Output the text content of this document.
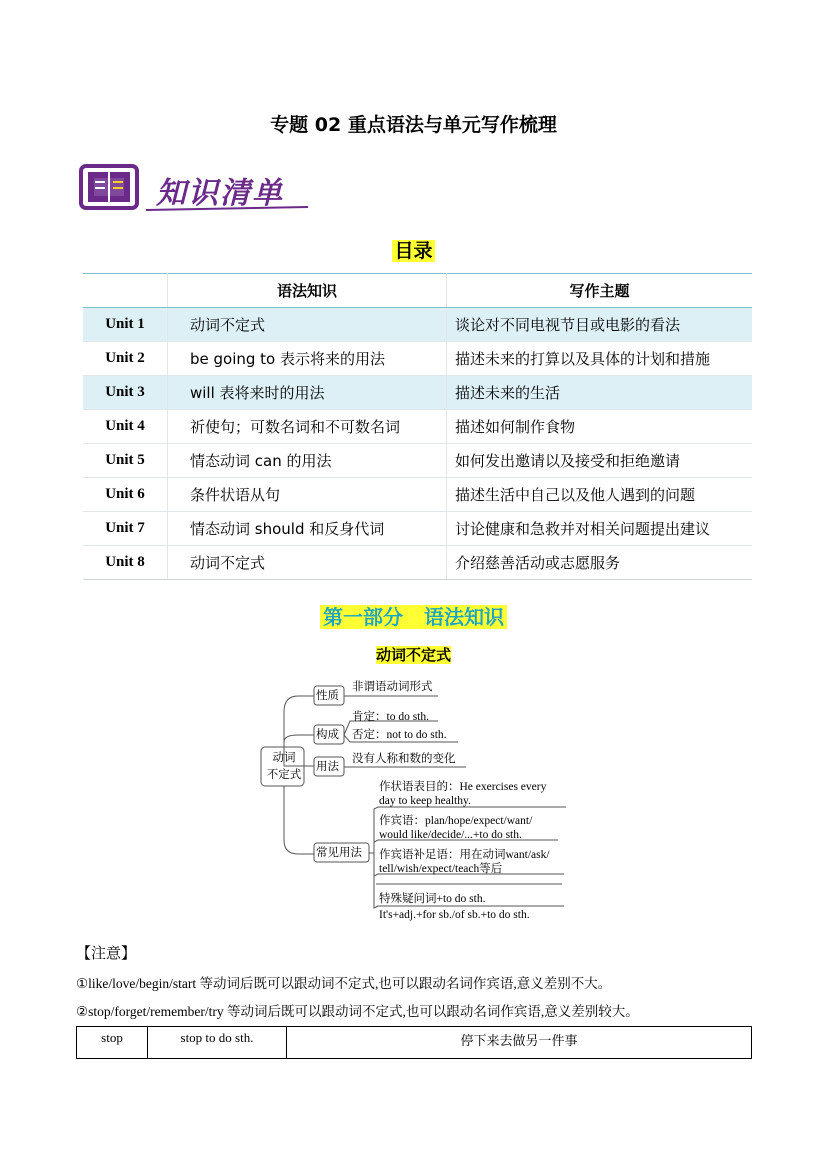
专题 02 重点语法与单元写作梳理
知识清单
目录
	语法知识	写作主题
Unit 1	动词不定式	谈论对不同电视节目或电影的看法
Unit 2	be going to 表示将来的用法	描述未来的打算以及具体的计划和措施
Unit 3	will 表将来时的用法	描述未来的生活
Unit 4	祈使句；可数名词和不可数名词	描述如何制作食物
Unit 5	情态动词 can 的用法	如何发出邀请以及接受和拒绝邀请
Unit 6	条件状语从句	描述生活中自己以及他人遇到的问题
Unit 7	情态动词 should 和反身代词	讨论健康和急救并对相关问题提出建议
Unit 8	动词不定式	介绍慈善活动或志愿服务
第一部分 语法知识
动词不定式
动词
不定式
性质
非谓语动词形式
构成
肯定：to do sth.
否定：not to do sth.
用法
没有人称和数的变化
常见用法
作状语表目的：He exercises every
day to keep healthy.
作宾语：plan/hope/expect/want/
would like/decide/...+to do sth.
作宾语补足语：用在动词want/ask/
tell/wish/expect/teach等后
特殊疑问词+to do sth.
It's+adj.+for sb./of sb.+to do sth.
【注意】
①like/love/begin/start 等动词后既可以跟动词不定式,也可以跟动名词作宾语,意义差别不大。
②stop/forget/remember/try 等动词后既可以跟动词不定式,也可以跟动名词作宾语,意义差别较大。
stop	stop to do sth.	停下来去做另一件事
